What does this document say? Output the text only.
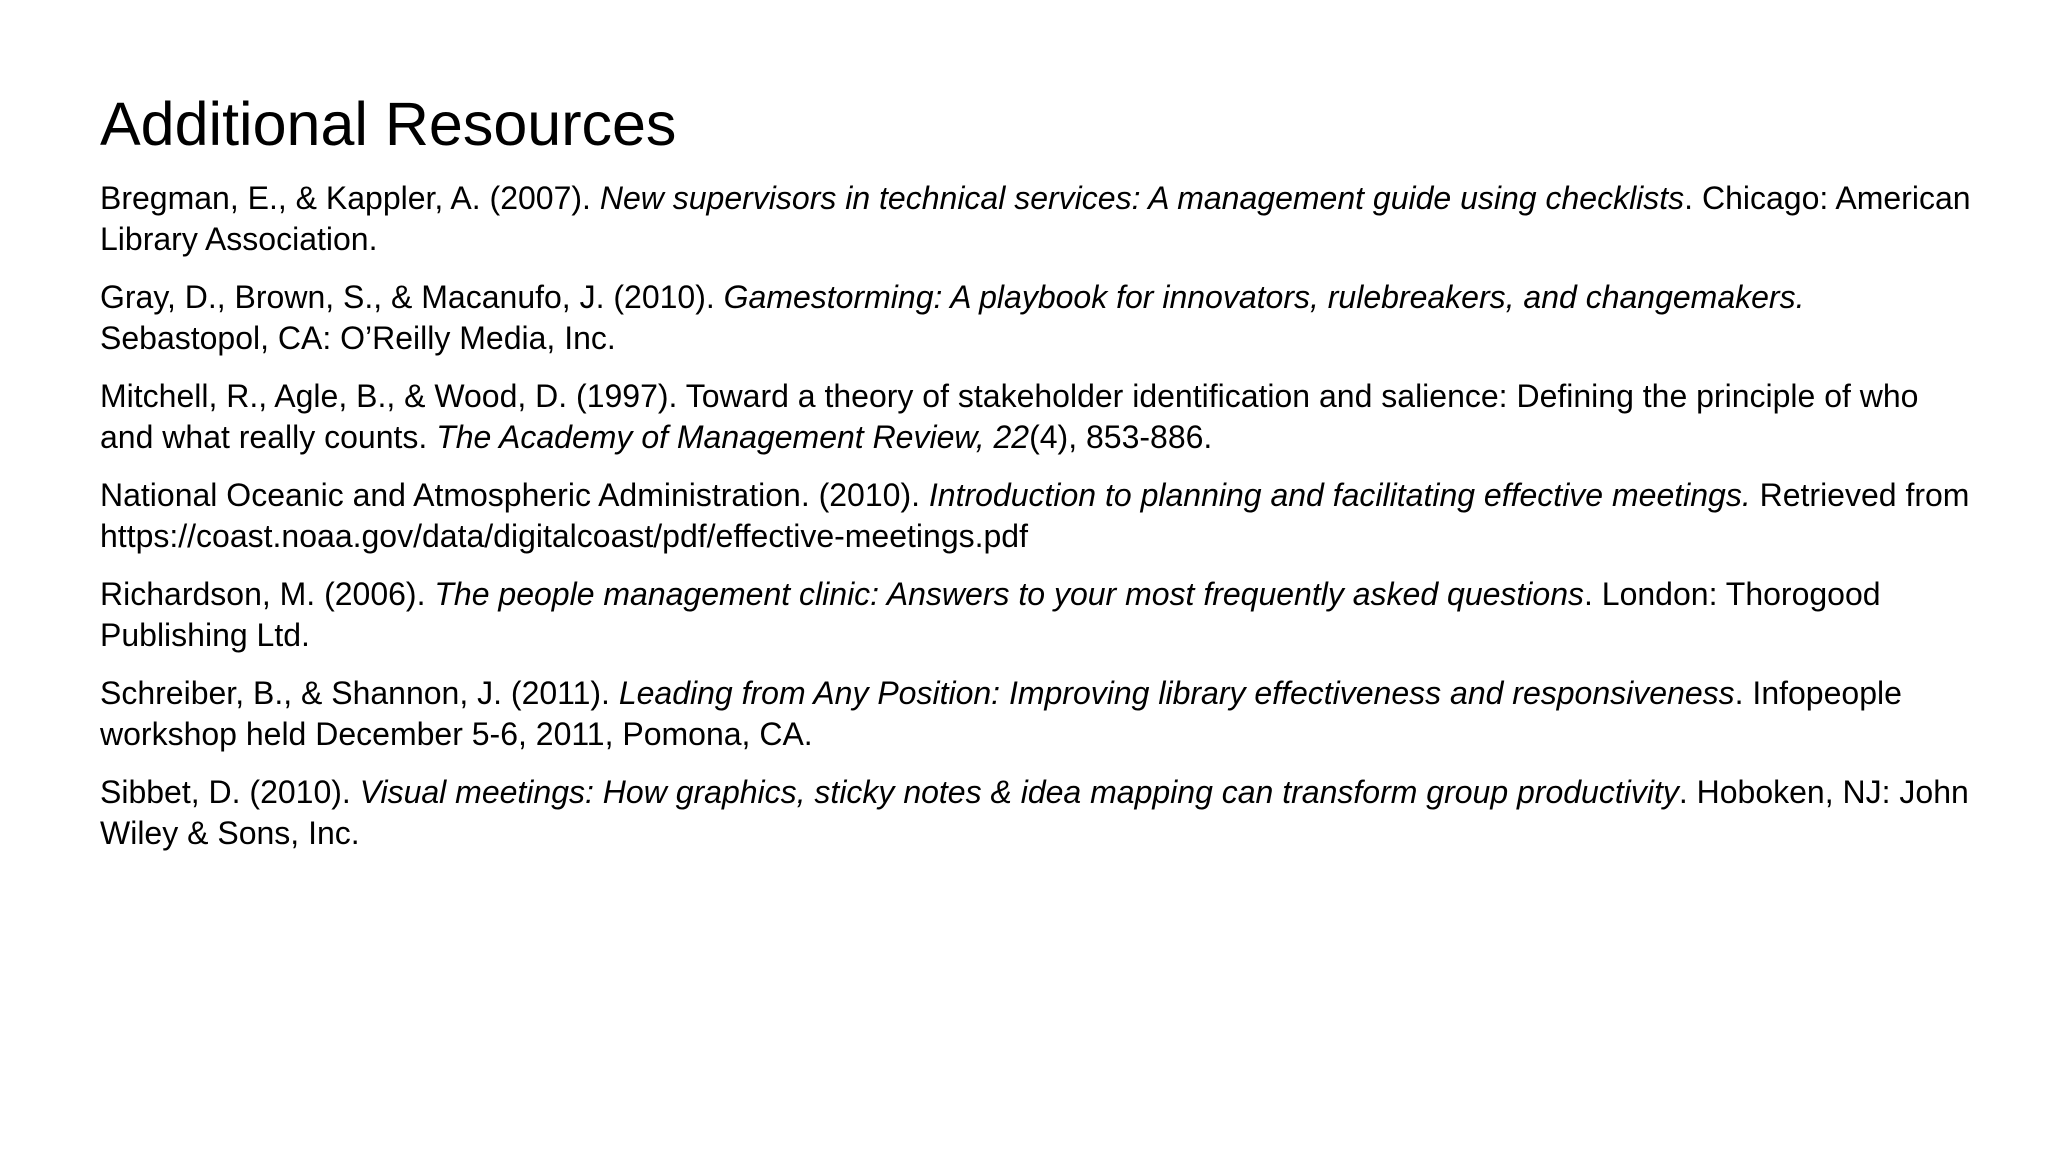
Additional Resources
Bregman, E., & Kappler, A. (2007). New supervisors in technical services: A management guide using checklists. Chicago: American Library Association.
Gray, D., Brown, S., & Macanufo, J. (2010). Gamestorming: A playbook for innovators, rulebreakers, and changemakers. Sebastopol, CA: O’Reilly Media, Inc.
Mitchell, R., Agle, B., & Wood, D. (1997). Toward a theory of stakeholder identification and salience: Defining the principle of who and what really counts. The Academy of Management Review, 22(4), 853-886.
National Oceanic and Atmospheric Administration. (2010). Introduction to planning and facilitating effective meetings. Retrieved from https://coast.noaa.gov/data/digitalcoast/pdf/effective-meetings.pdf
Richardson, M. (2006). The people management clinic: Answers to your most frequently asked questions. London: Thorogood Publishing Ltd.
Schreiber, B., & Shannon, J. (2011). Leading from Any Position: Improving library effectiveness and responsiveness. Infopeople workshop held December 5-6, 2011, Pomona, CA.
Sibbet, D. (2010). Visual meetings: How graphics, sticky notes & idea mapping can transform group productivity. Hoboken, NJ: John Wiley & Sons, Inc.
